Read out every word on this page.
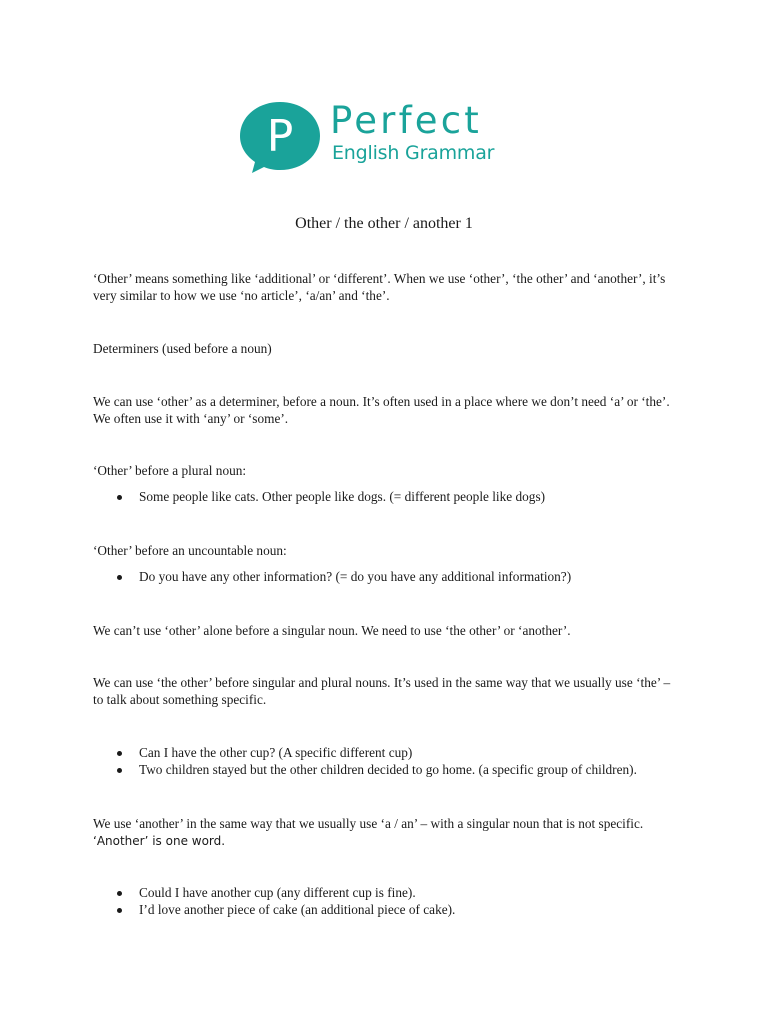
P Perfect
English Grammar
Other / the other / another 1

‘Other’ means something like ‘additional’ or ‘different’. When we use ‘other’, ‘the other’ and ‘another’, it’s very similar to how we use ‘no article’, ‘a/an’ and ‘the’.

Determiners (used before a noun)

We can use ‘other’ as a determiner, before a noun. It’s often used in a place where we don’t need ‘a’ or ‘the’. We often use it with ‘any’ or ‘some’.

‘Other’ before a plural noun:

Some people like cats. Other people like dogs. (= different people like dogs)

‘Other’ before an uncountable noun:

Do you have any other information? (= do you have any additional information?)

We can’t use ‘other’ alone before a singular noun. We need to use ‘the other’ or ‘another’.

We can use ‘the other’ before singular and plural nouns. It’s used in the same way that we usually use ‘the’ – to talk about something specific.

Can I have the other cup? (A specific different cup)
Two children stayed but the other children decided to go home. (a specific group of children).

We use ‘another’ in the same way that we usually use ‘a / an’ – with a singular noun that is not specific. ‘Another’ is one word.

Could I have another cup (any different cup is fine).
I’d love another piece of cake (an additional piece of cake).
